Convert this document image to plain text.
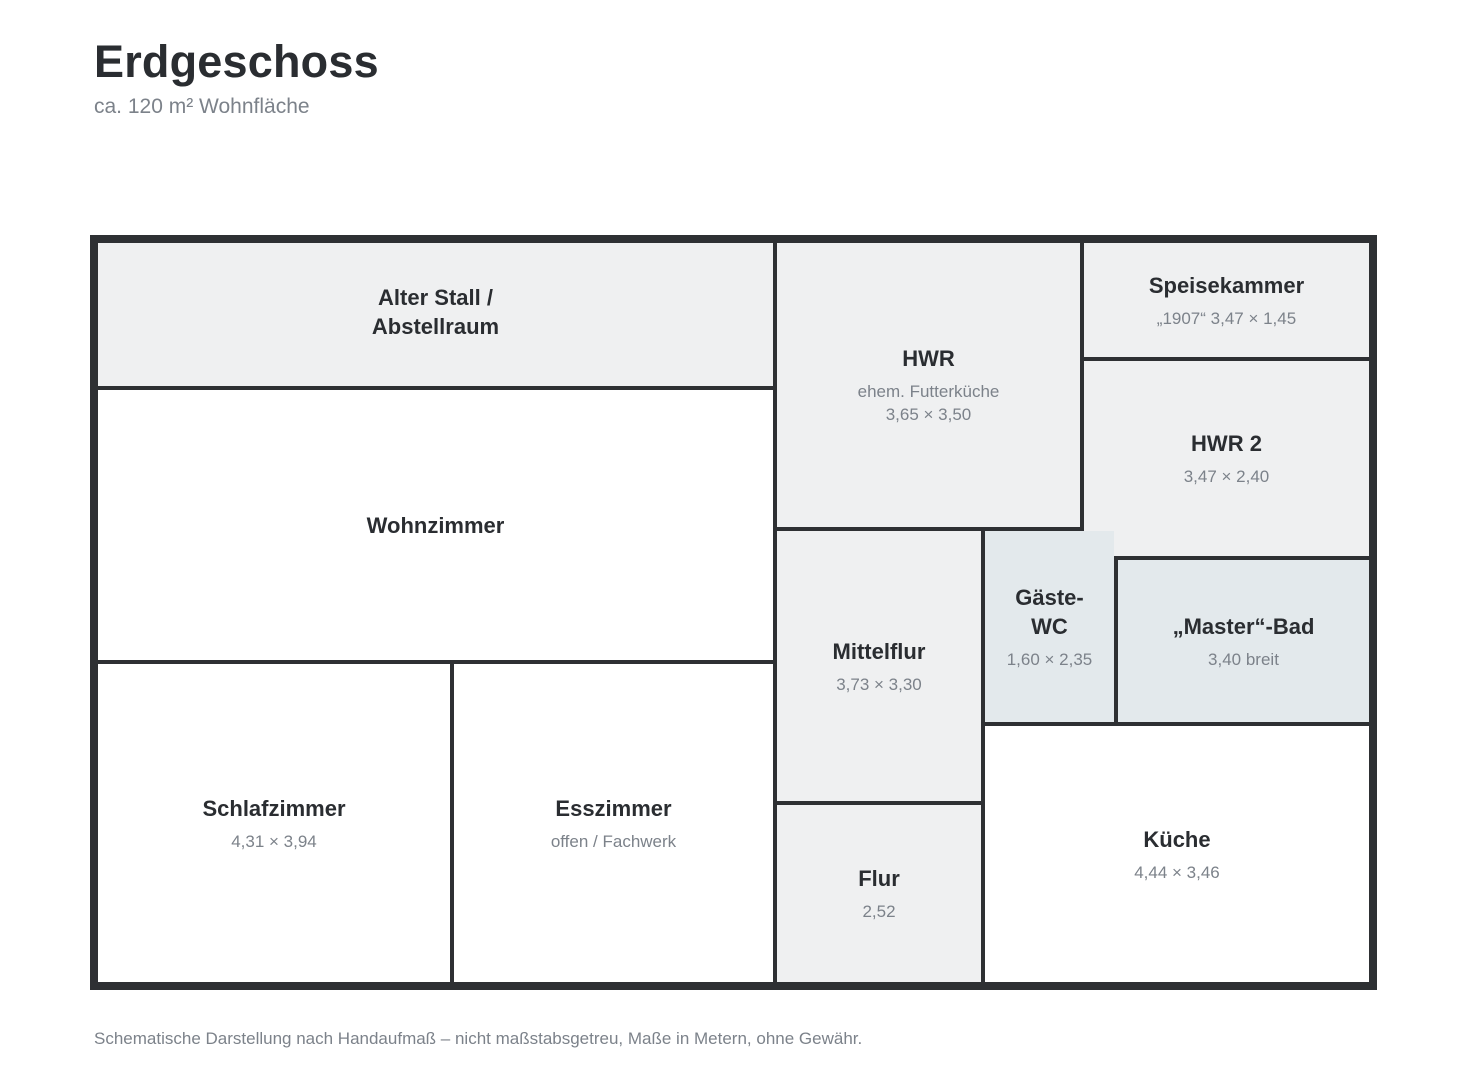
Erdgeschoss
ca. 120 m² Wohnfläche
Alter Stall /
Abstellraum
Wohnzimmer
Schlafzimmer
4,31 × 3,94
Esszimmer
offen / Fachwerk
HWR
ehem. Futterküche
3,65 × 3,50
Speisekammer
„1907“ 3,47 × 1,45
HWR 2
3,47 × 2,40
Mittelflur
3,73 × 3,30
Gäste-
WC
1,60 × 2,35
„Master“-Bad
3,40 breit
Flur
2,52
Küche
4,44 × 3,46
Schematische Darstellung nach Handaufmaß – nicht maßstabsgetreu, Maße in Metern, ohne Gewähr.
